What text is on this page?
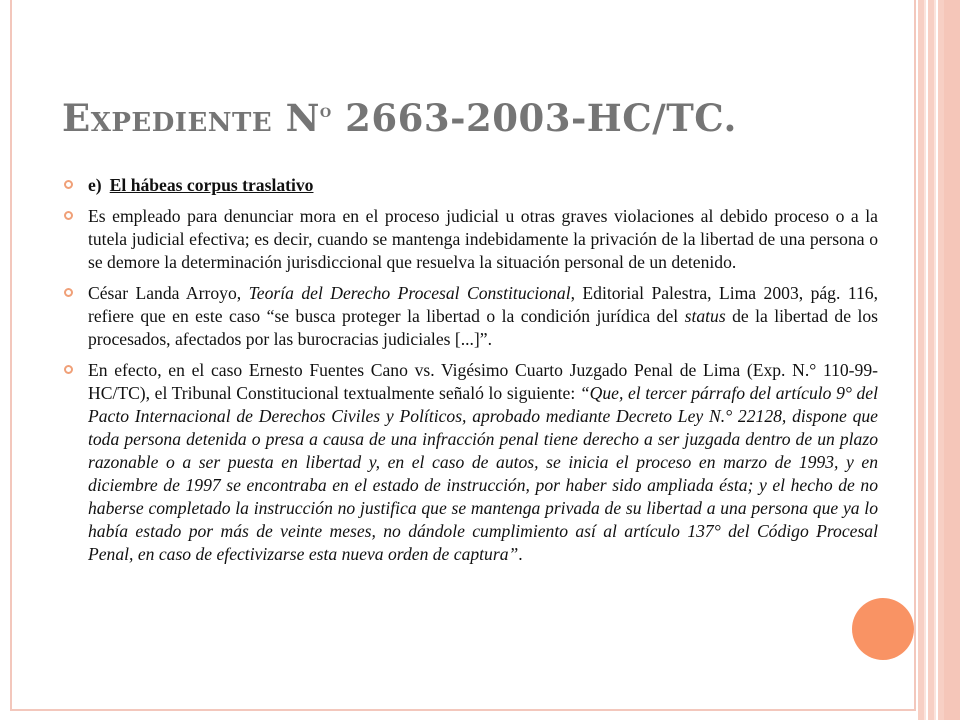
Expediente $N^o$ 2663-2003-HC/TC.
e) El hábeas corpus traslativo
Es empleado para denunciar mora en el proceso judicial u otras graves violaciones al debido proceso o a la tutela judicial efectiva; es decir, cuando se mantenga indebidamente la privación de la libertad de una persona o se demore la determinación jurisdiccional que resuelva la situación personal de un detenido.
César Landa Arroyo, Teoría del Derecho Procesal Constitucional, Editorial Palestra, Lima 2003, pág. 116, refiere que en este caso “se busca proteger la libertad o la condición jurídica del status de la libertad de los procesados, afectados por las burocracias judiciales [...]”.
En efecto, en el caso Ernesto Fuentes Cano vs. Vigésimo Cuarto Juzgado Penal de Lima (Exp. N.° 110-99-HC/TC), el Tribunal Constitucional textualmente señaló lo siguiente: “Que, el tercer párrafo del artículo 9° del Pacto Internacional de Derechos Civiles y Políticos, aprobado mediante Decreto Ley N.° 22128, dispone que toda persona detenida o presa a causa de una infracción penal tiene derecho a ser juzgada dentro de un plazo razonable o a ser puesta en libertad y, en el caso de autos, se inicia el proceso en marzo de 1993, y en diciembre de 1997 se encontraba en el estado de instrucción, por haber sido ampliada ésta; y el hecho de no haberse completado la instrucción no justifica que se mantenga privada de su libertad a una persona que ya lo había estado por más de veinte meses, no dándole cumplimiento así al artículo 137° del Código Procesal Penal, en caso de efectivizarse esta nueva orden de captura”.
